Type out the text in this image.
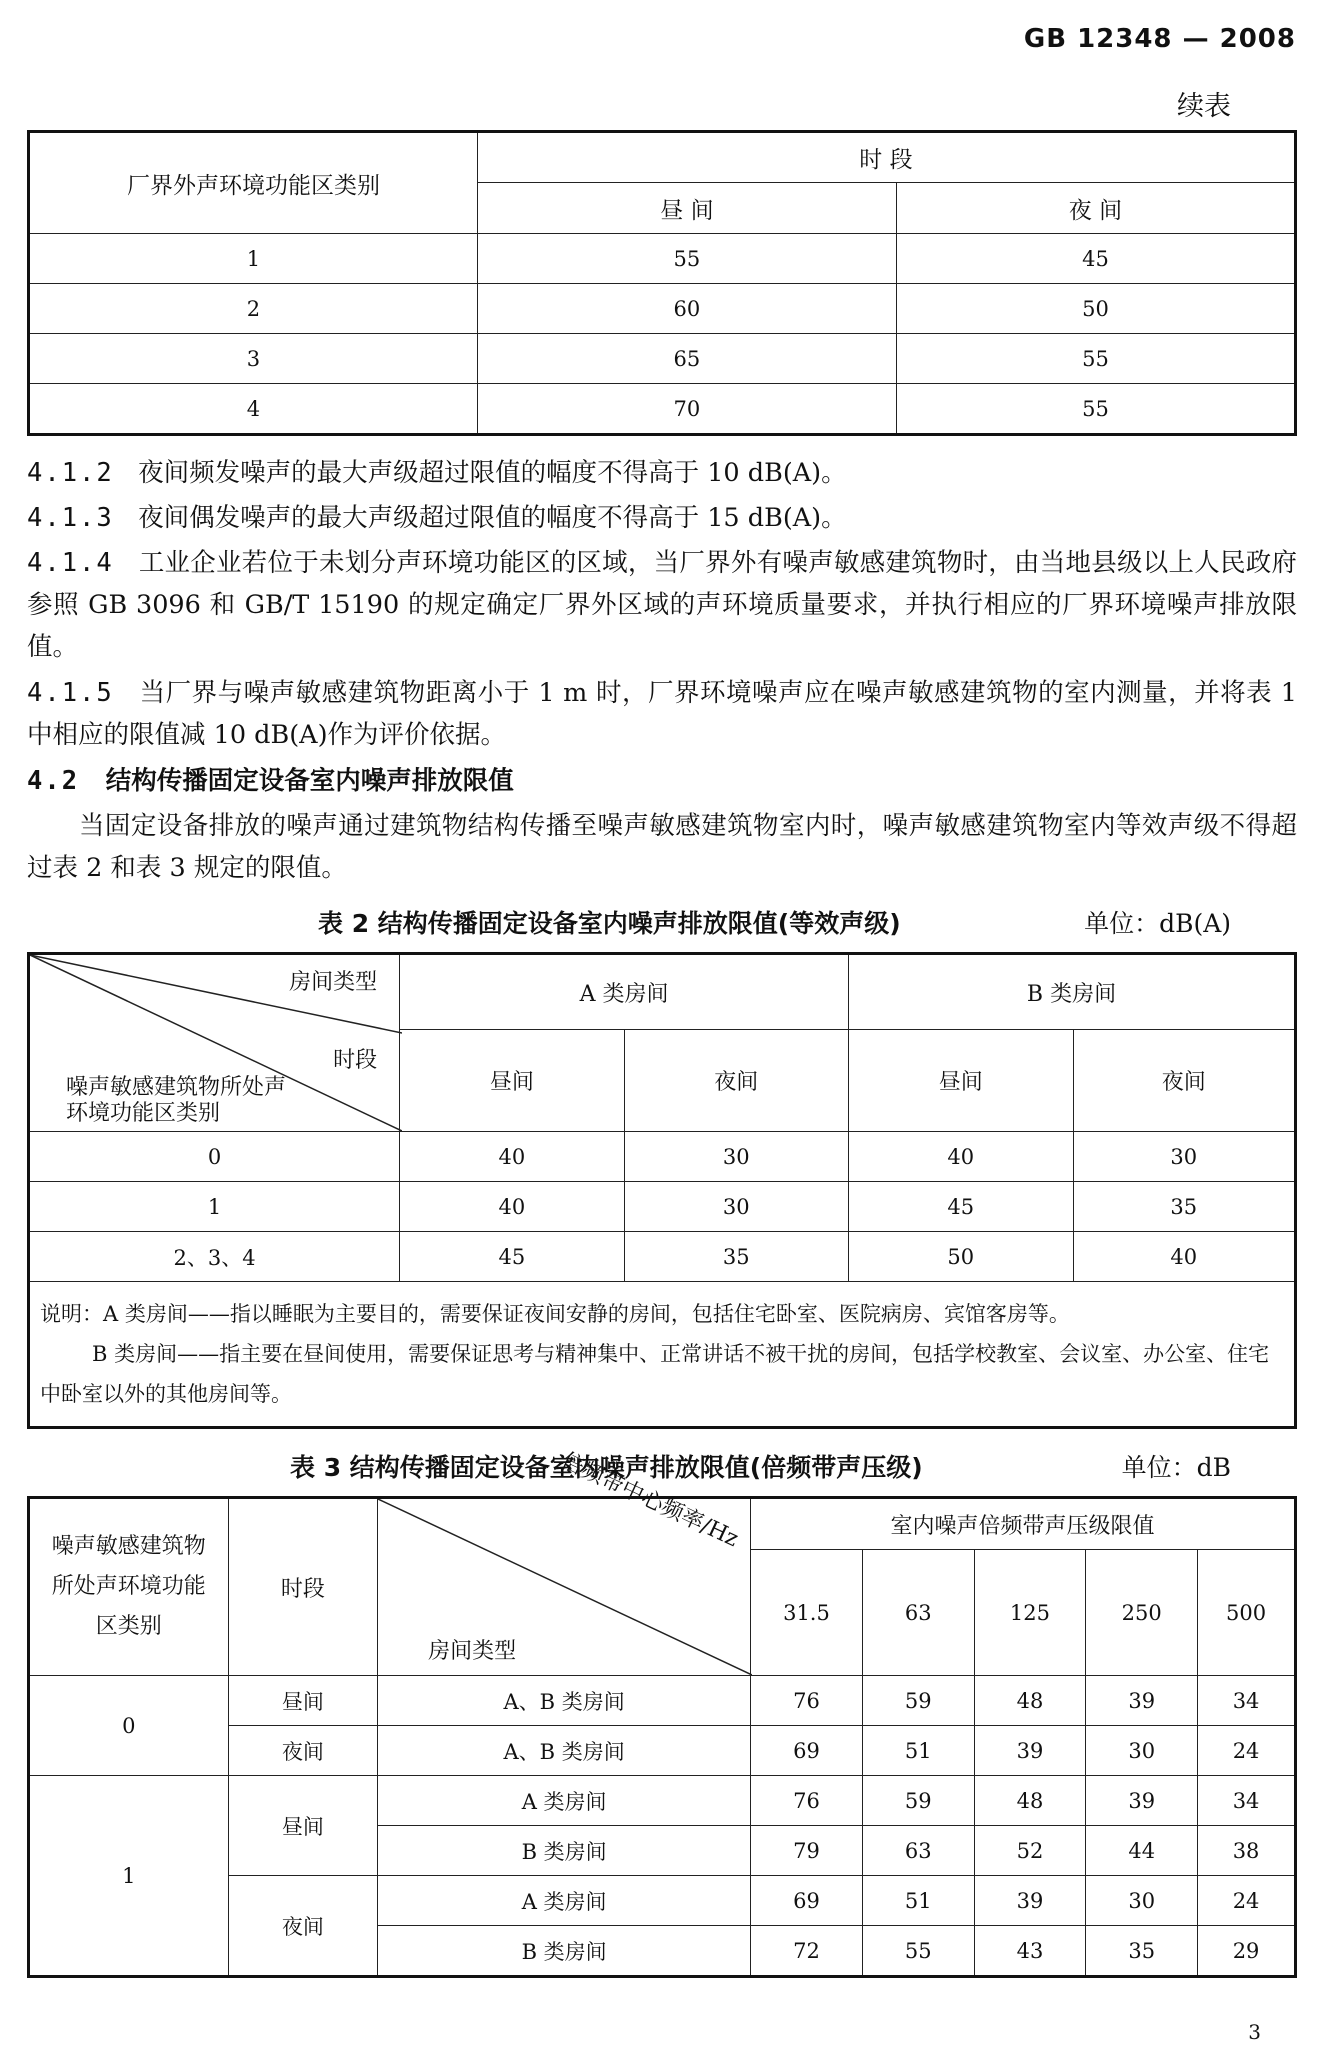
GB 12348 — 2008
续表
厂界外声环境功能区类别	时 段	
	昼 间	夜 间
1	55	45
2	60	50
3	65	55
4	70	55
4.1.2 夜间频发噪声的最大声级超过限值的幅度不得高于 10 dB(A)。
4.1.3 夜间偶发噪声的最大声级超过限值的幅度不得高于 15 dB(A)。
4.1.4 工业企业若位于未划分声环境功能区的区域，当厂界外有噪声敏感建筑物时，由当地县级以上人民政府参照 GB 3096 和 GB/T 15190 的规定确定厂界外区域的声环境质量要求，并执行相应的厂界环境噪声排放限值。
4.1.5 当厂界与噪声敏感建筑物距离小于 1 m 时，厂界环境噪声应在噪声敏感建筑物的室内测量，并将表 1 中相应的限值减 10 dB(A)作为评价依据。
4.2 结构传播固定设备室内噪声排放限值
当固定设备排放的噪声通过建筑物结构传播至噪声敏感建筑物室内时，噪声敏感建筑物室内等效声级不得超过表 2 和表 3 规定的限值。
表 2 结构传播固定设备室内噪声排放限值(等效声级)	单位：dB(A)
房间类型
时段
噪声敏感建筑物所处声环境功能区类别	A 类房间		B 类房间	
	昼间	夜间	昼间	夜间
0	40	30	40	30
1	40	30	45	35
2、3、4	45	35	50	40

说明：A 类房间——指以睡眠为主要目的，需要保证夜间安静的房间，包括住宅卧室、医院病房、宾馆客房等。
B 类房间——指主要在昼间使用，需要保证思考与精神集中、正常讲话不被干扰的房间，包括学校教室、会议室、办公室、住宅中卧室以外的其他房间等。				
表 3 结构传播固定设备室内噪声排放限值(倍频带声压级)	单位：dB
噪声敏感建筑物所处声环境功能区类别	时段	倍频带中心频率/Hz
房间类型	室内噪声倍频带声压级限值				
			31.5	63	125	250	500
0	昼间	A、B 类房间	76	59	48	39	34
	夜间	A、B 类房间	69	51	39	30	24
1	昼间	A 类房间	76	59	48	39	34
		B 类房间	79	63	52	44	38
	夜间	A 类房间	69	51	39	30	24
		B 类房间	72	55	43	35	29
3
